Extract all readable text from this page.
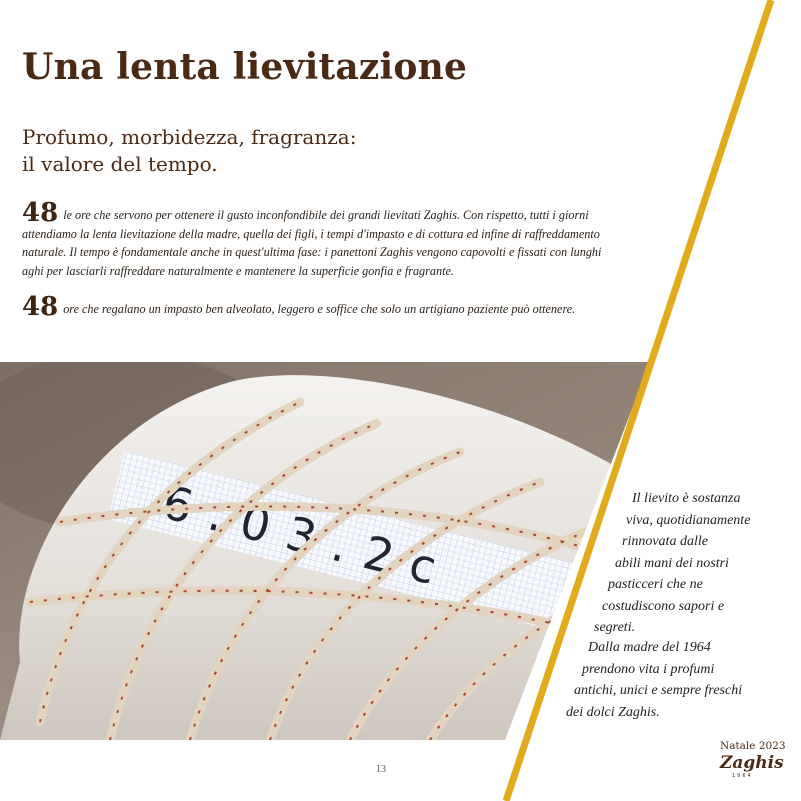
Una lenta lievitazione
Profumo, morbidezza, fragranza:
il valore del tempo.
48 le ore che servono per ottenere il gusto inconfondibile dei grandi lievitati Zaghis. Con rispetto, tutti i giorni
attendiamo la lenta lievitazione della madre, quella dei figli, i tempi d'impasto e di cottura ed infine di raffreddamento
naturale. Il tempo è fondamentale anche in quest'ultima fase: i panettoni Zaghis vengono capovolti e fissati con lunghi
aghi per lasciarli raffreddare naturalmente e mantenere la superficie gonfia e fragrante.
48 ore che regalano un impasto ben alveolato, leggero e soffice che solo un artigiano paziente può ottenere.
6.03.2c	Il lievito è sostanza
viva, quotidianamente
rinnovata dalle
abili mani dei nostri
pasticceri che ne
costudiscono sapori e
segreti.
Dalla madre del 1964
prendono vita i profumi
antichi, unici e sempre freschi
dei dolci Zaghis.
13
Natale 2023
Zaghis
1964
